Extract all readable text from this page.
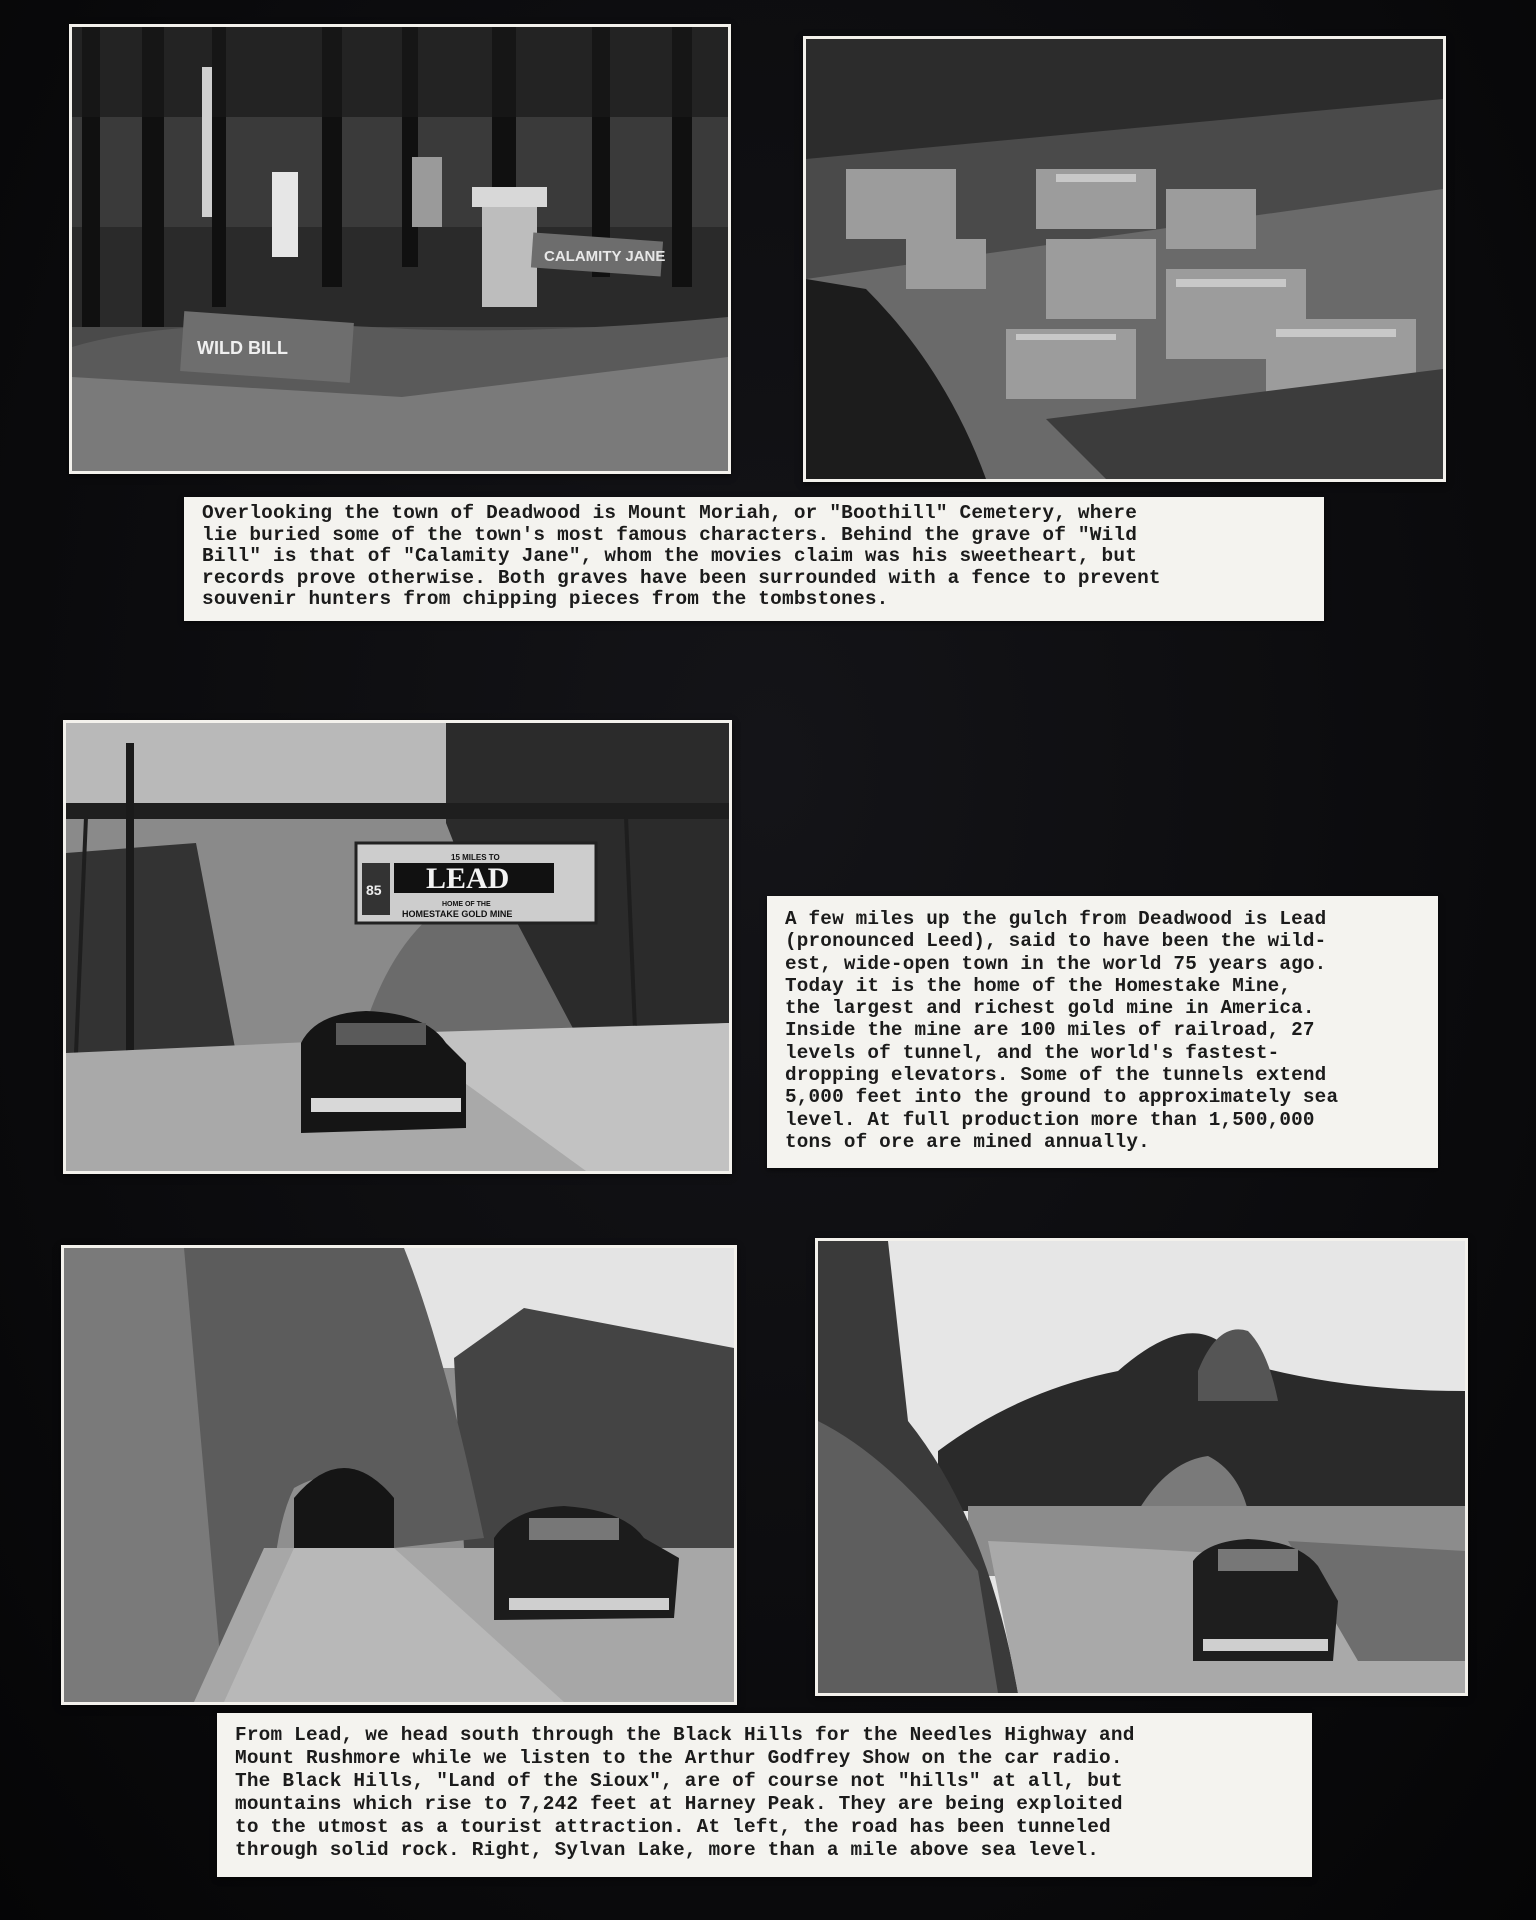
CALAMITY JANE
WILD BILL
Overlooking the town of Deadwood is Mount Moriah, or "Boothill" Cemetery, where
lie buried some of the town's most famous characters. Behind the grave of "Wild
Bill" is that of "Calamity Jane", whom the movies claim was his sweetheart, but
records prove otherwise. Both graves have been surrounded with a fence to prevent
souvenir hunters from chipping pieces from the tombstones.
15 MILES TO
LEAD
HOME OF THE
HOMESTAKE GOLD MINE
85
A few miles up the gulch from Deadwood is Lead
(pronounced Leed), said to have been the wild-
est, wide-open town in the world 75 years ago.
Today it is the home of the Homestake Mine,
the largest and richest gold mine in America.
Inside the mine are 100 miles of railroad, 27
levels of tunnel, and the world's fastest-
dropping elevators. Some of the tunnels extend
5,000 feet into the ground to approximately sea
level. At full production more than 1,500,000
tons of ore are mined annually.
From Lead, we head south through the Black Hills for the Needles Highway and
Mount Rushmore while we listen to the Arthur Godfrey Show on the car radio.
The Black Hills, "Land of the Sioux", are of course not "hills" at all, but
mountains which rise to 7,242 feet at Harney Peak. They are being exploited
to the utmost as a tourist attraction. At left, the road has been tunneled
through solid rock. Right, Sylvan Lake, more than a mile above sea level.
